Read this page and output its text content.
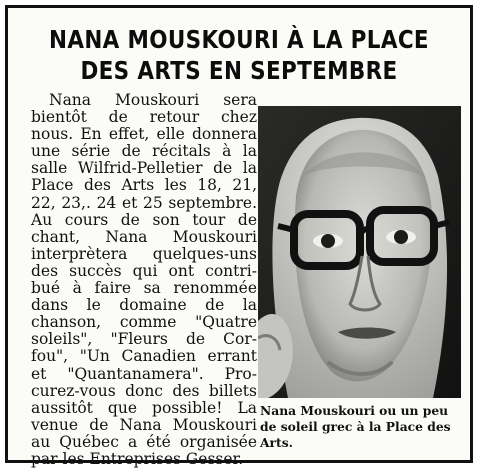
NANA MOUSKOURI À LA PLACE
DES ARTS EN SEPTEMBRE
Nana Mouskouri sera
bientôt de retour chez
nous. En effet, elle donnera
une série de récitals à la
salle Wilfrid-Pelletier de la
Place des Arts les 18, 21,
22, 23,. 24 et 25 septembre.
Au cours de son tour de
chant, Nana Mouskouri
interprètera quelques-uns
des succès qui ont contri-
bué à faire sa renommée
dans le domaine de la
chanson, comme "Quatre
soleils", "Fleurs de Cor-
fou", "Un Canadien errant
et "Quantanamera". Pro-
curez-vous donc des billets
aussitôt que possible! La
venue de Nana Mouskouri
au Québec a été organisée
par les Entreprises Gesser.
Nana Mouskouri ou un peu
de soleil grec à la Place des
Arts.
